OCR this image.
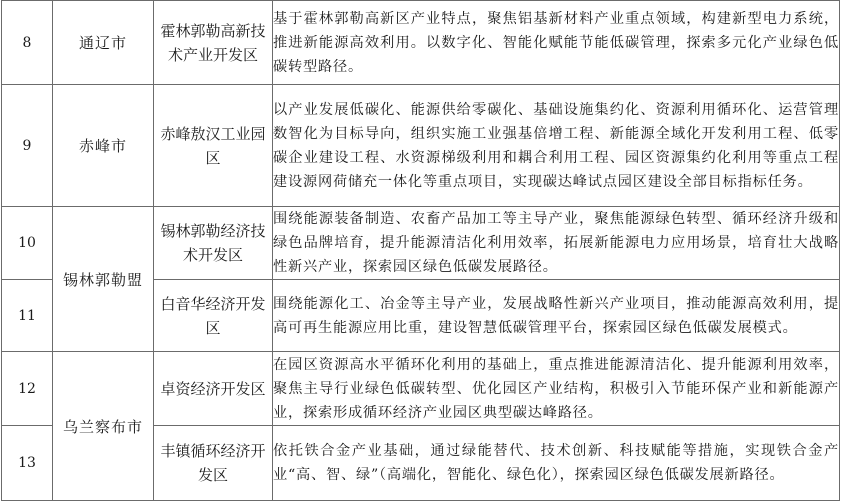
8	通辽市	霍林郭勒高新技术产业开发区	基于霍林郭勒高新区产业特点，聚焦铝基新材料产业重点领域，构建新型电力系统，推进新能源高效利用。以数字化、智能化赋能节能低碳管理，探索多元化产业绿色低碳转型路径。
9	赤峰市	赤峰敖汉工业园区	以产业发展低碳化、能源供给零碳化、基础设施集约化、资源利用循环化、运营管理数智化为目标导向，组织实施工业强基倍增工程、新能源全域化开发利用工程、低零碳企业建设工程、水资源梯级利用和耦合利用工程、园区资源集约化利用等重点工程建设源网荷储充一体化等重点项目，实现碳达峰试点园区建设全部目标指标任务。
10	锡林郭勒盟	锡林郭勒经济技术开发区	围绕能源装备制造、农畜产品加工等主导产业，聚焦能源绿色转型、循环经济升级和绿色品牌培育，提升能源清洁化利用效率，拓展新能源电力应用场景，培育壮大战略性新兴产业，探索园区绿色低碳发展路径。
11		白音华经济开发区	围绕能源化工、冶金等主导产业，发展战略性新兴产业项目，推动能源高效利用，提高可再生能源应用比重，建设智慧低碳管理平台，探索园区绿色低碳发展模式。
12	乌兰察布市	卓资经济开发区	在园区资源高水平循环化利用的基础上，重点推进能源清洁化、提升能源利用效率，聚焦主导行业绿色低碳转型、优化园区产业结构，积极引入节能环保产业和新能源产业，探索形成循环经济产业园区典型碳达峰路径。
13		丰镇循环经济开发区	依托铁合金产业基础，通过绿能替代、技术创新、科技赋能等措施，实现铁合金产业“高、智、绿”（高端化，智能化、绿色化），探索园区绿色低碳发展新路径。
